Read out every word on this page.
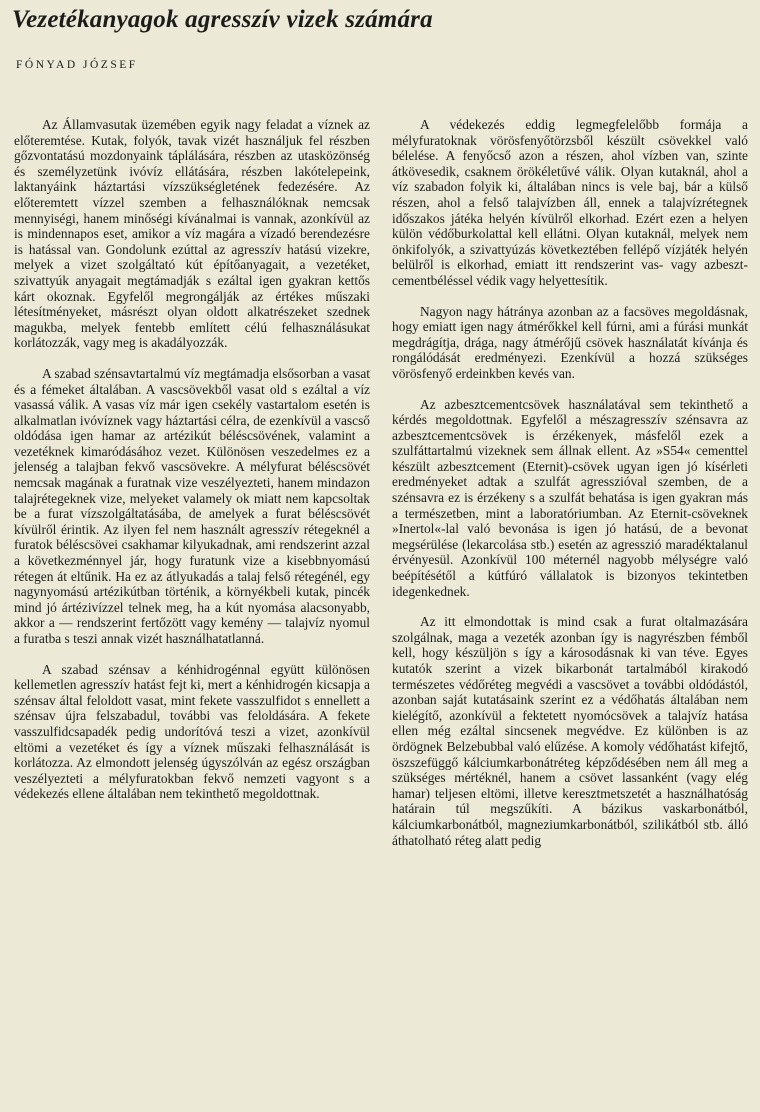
Vezetékanyagok agresszív vizek számára
FÓNYAD JÓZSEF

Az Államvasutak üzemében egyik nagy feladat a víznek az előteremtése. Kutak, folyók, tavak vizét használjuk fel részben gőzvontatású mozdonyaink táplálására, részben az utasközönség és személyzetünk ivóvíz ellátására, részben lakótelepeink, laktanyáink háztartási vízszükségletének fedezésére. Az előteremtett vízzel szemben a felhasználóknak nemcsak mennyiségi, hanem minőségi kívánalmai is vannak, azonkívül az is mindennapos eset, amikor a víz magára a vízadó berendezésre is hatással van. Gondolunk ezúttal az agresszív hatású vizekre, melyek a vizet szolgáltató kút építőanyagait, a vezetéket, szivattyúk anyagait megtámadják s ezáltal igen gyakran kettős kárt okoznak. Egyfelől megrongálják az értékes műszaki létesítményeket, másrészt olyan oldott alkatrészeket szednek magukba, melyek fentebb említett célú felhasználásukat korlátozzák, vagy meg is akadályozzák.

A szabad szénsavtartalmú víz megtámadja elsősorban a vasat és a fémeket általában. A vascsövekből vasat old s ezáltal a víz vasassá válik. A vasas víz már igen csekély vastartalom esetén is alkalmatlan ivóvíznek vagy háztartási célra, de ezenkívül a vascső oldódása igen hamar az artézikút béléscsövének, valamint a vezetéknek kimaródásához vezet. Különösen veszedelmes ez a jelenség a talajban fekvő vascsövekre. A mélyfurat béléscsövét nemcsak magának a furatnak vize veszélyezteti, hanem mindazon talajrétegeknek vize, melyeket valamely ok miatt nem kapcsoltak be a furat vízszolgáltatásába, de amelyek a furat béléscsövét kívülről érintik. Az ilyen fel nem használt agresszív rétegeknél a furatok béléscsövei csakhamar kilyukadnak, ami rendszerint azzal a következménnyel jár, hogy furatunk vize a kisebbnyomású rétegen át eltűnik. Ha ez az átlyukadás a talaj felső rétegénél, egy nagynyomású artézikútban történik, a környékbeli kutak, pincék mind jó ártézivízzel telnek meg, ha a kút nyomása alacsonyabb, akkor a — rendszerint fertőzött vagy kemény — talajvíz nyomul a furatba s teszi annak vizét használhatatlanná.

A szabad szénsav a kénhidrogénnal együtt különösen kellemetlen agresszív hatást fejt ki, mert a kénhidrogén kicsapja a szénsav által feloldott vasat, mint fekete vasszulfidot s ennellett a szénsav újra felszabadul, további vas feloldására. A fekete vasszulfidcsapadék pedig undorítóvá teszi a vizet, azonkívül eltömi a vezetéket és így a víznek műszaki felhasználását is korlátozza. Az elmondott jelenség úgyszólván az egész országban veszélyezteti a mélyfuratokban fekvő nemzeti vagyont s a védekezés ellene általában nem tekinthető megoldottnak.

A védekezés eddig legmegfelelőbb formája a mélyfuratoknak vörösfenyőtörzsből készült csövekkel való bélelése. A fenyőcső azon a részen, ahol vízben van, szinte átkövesedik, csaknem örökéletűvé válik. Olyan kutaknál, ahol a víz szabadon folyik ki, általában nincs is vele baj, bár a külső részen, ahol a felső talajvízben áll, ennek a talajvízrétegnek időszakos játéka helyén kívülről elkorhad. Ezért ezen a helyen külön védőburkolattal kell ellátni. Olyan kutaknál, melyek nem önkifolyók, a szivattyúzás következtében fellépő vízjáték helyén belülről is elkorhad, emiatt itt rendszerint vas- vagy azbeszt-cementbéléssel védik vagy helyettesítik.

Nagyon nagy hátránya azonban az a facsöves megoldásnak, hogy emiatt igen nagy átmérőkkel kell fúrni, ami a fúrási munkát megdrágítja, drága, nagy átmérőjű csövek használatát kívánja és rongálódását eredményezi. Ezenkívül a hozzá szükséges vörösfenyő erdeinkben kevés van.

Az azbesztcementcsövek használatával sem tekinthető a kérdés megoldottnak. Egyfelől a mészagresszív szénsavra az azbesztcementcsövek is érzékenyek, másfelől ezek a szulfáttartalmú vizeknek sem állnak ellent. Az »S54« cementtel készült azbesztcement (Eternit)-csövek ugyan igen jó kísérleti eredményeket adtak a szulfát agresszióval szemben, de a szénsavra ez is érzékeny s a szulfát behatása is igen gyakran más a természetben, mint a laboratóriumban. Az Eternit-csöveknek »Inertol«-lal való bevonása is igen jó hatású, de a bevonat megsérülése (lekarcolása stb.) esetén az agresszió maradéktalanul érvényesül. Azonkívül 100 méternél nagyobb mélységre való beépítésétől a kútfúró vállalatok is bizonyos tekintetben idegenkednek.

Az itt elmondottak is mind csak a furat oltalmazására szolgálnak, maga a vezeték azonban így is nagyrészben fémből kell, hogy készüljön s így a károsodásnak ki van téve. Egyes kutatók szerint a vizek bikarbonát tartalmából kirakodó természetes védőréteg megvédi a vascsövet a további oldódástól, azonban saját kutatásaink szerint ez a védőhatás általában nem kielégítő, azonkívül a fektetett nyomócsövek a talajvíz hatása ellen még ezáltal sincsenek megvédve. Ez különben is az ördögnek Belzebubbal való elűzése. A komoly védőhatást kifejtő, öszszefüggő kálciumkarbonátréteg képződésében nem áll meg a szükséges mértéknél, hanem a csövet lassanként (vagy elég hamar) teljesen eltömi, illetve keresztmetszetét a használhatóság határain túl megszűkíti. A bázikus vaskarbonátból, kálciumkarbonátból, magneziumkarbonátból, szilikátból stb. álló áthatolható réteg alatt pedig
